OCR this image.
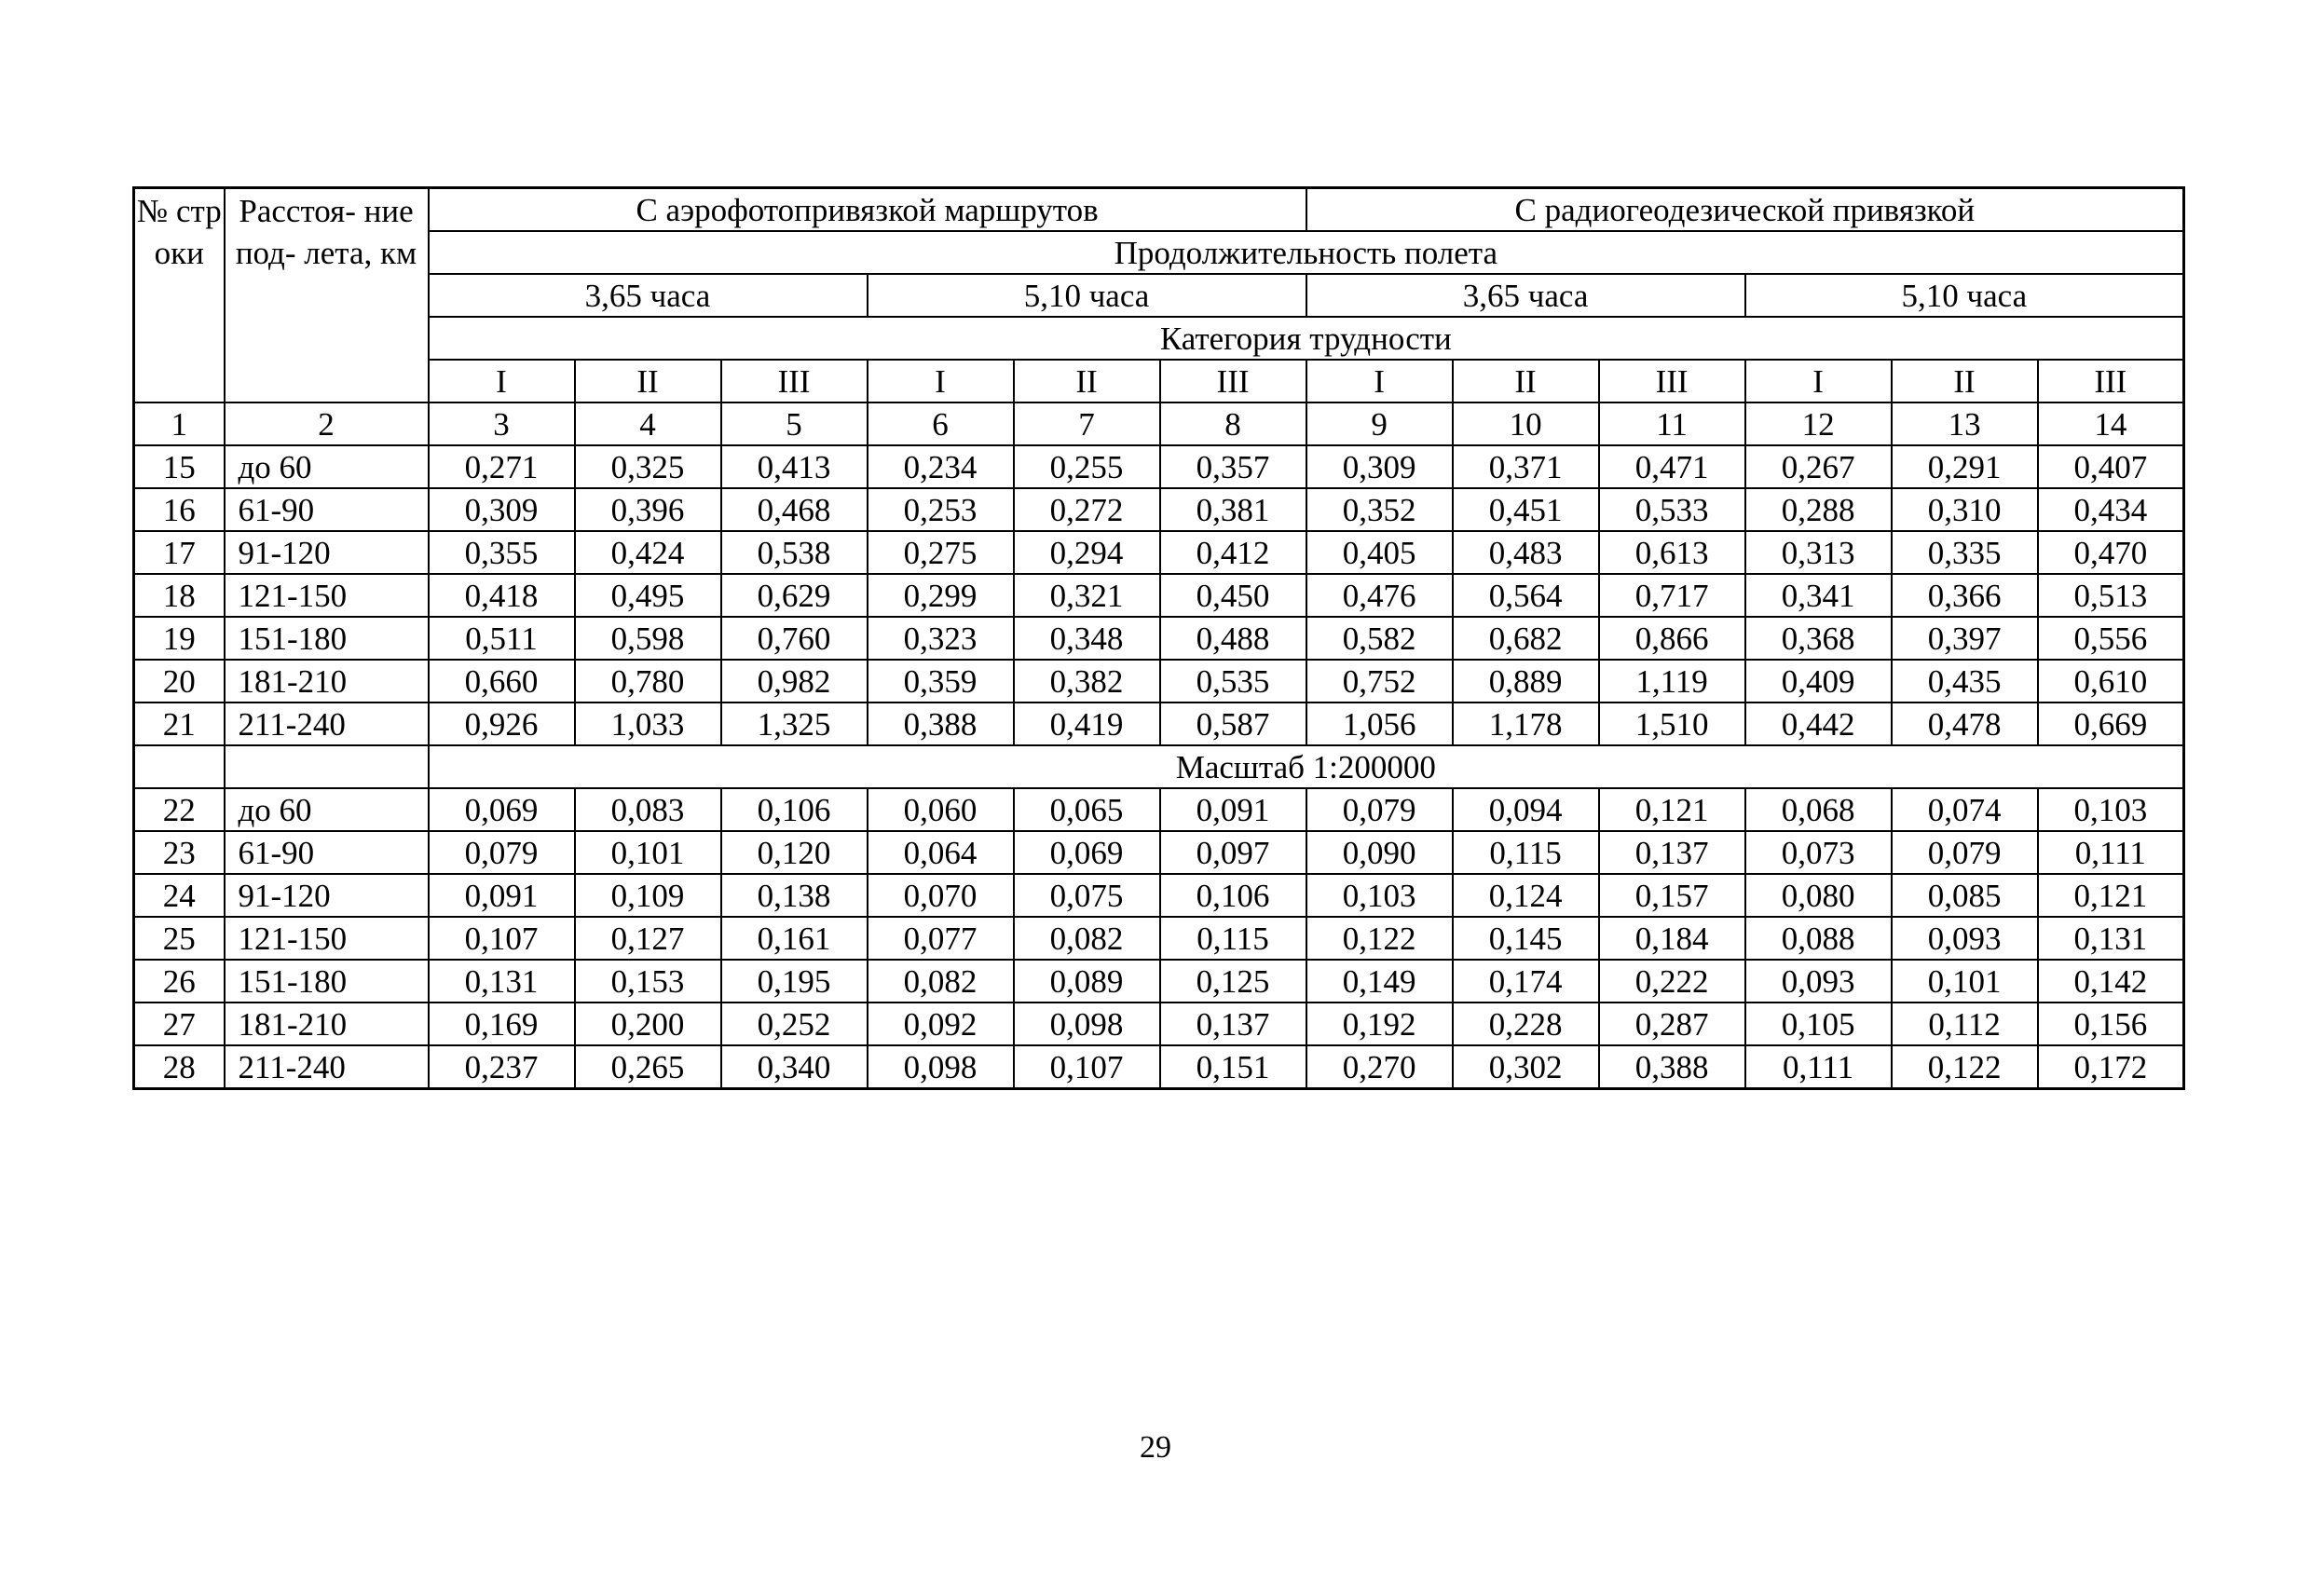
№ стр оки	Расстоя- ние под- лета, км	С аэрофотопривязкой маршрутов						С радиогеодезической привязкой					
		Продолжительность полета											
		3,65 часа			5,10 часа			3,65 часа			5,10 часа		
		Категория трудности											
		I	II	III	I	II	III	I	II	III	I	II	III
1	2	3	4	5	6	7	8	9	10	11	12	13	14
15	до 60	0,271	0,325	0,413	0,234	0,255	0,357	0,309	0,371	0,471	0,267	0,291	0,407
16	61-90	0,309	0,396	0,468	0,253	0,272	0,381	0,352	0,451	0,533	0,288	0,310	0,434
17	91-120	0,355	0,424	0,538	0,275	0,294	0,412	0,405	0,483	0,613	0,313	0,335	0,470
18	121-150	0,418	0,495	0,629	0,299	0,321	0,450	0,476	0,564	0,717	0,341	0,366	0,513
19	151-180	0,511	0,598	0,760	0,323	0,348	0,488	0,582	0,682	0,866	0,368	0,397	0,556
20	181-210	0,660	0,780	0,982	0,359	0,382	0,535	0,752	0,889	1,119	0,409	0,435	0,610
21	211-240	0,926	1,033	1,325	0,388	0,419	0,587	1,056	1,178	1,510	0,442	0,478	0,669
		Масштаб 1:200000											
22	до 60	0,069	0,083	0,106	0,060	0,065	0,091	0,079	0,094	0,121	0,068	0,074	0,103
23	61-90	0,079	0,101	0,120	0,064	0,069	0,097	0,090	0,115	0,137	0,073	0,079	0,111
24	91-120	0,091	0,109	0,138	0,070	0,075	0,106	0,103	0,124	0,157	0,080	0,085	0,121
25	121-150	0,107	0,127	0,161	0,077	0,082	0,115	0,122	0,145	0,184	0,088	0,093	0,131
26	151-180	0,131	0,153	0,195	0,082	0,089	0,125	0,149	0,174	0,222	0,093	0,101	0,142
27	181-210	0,169	0,200	0,252	0,092	0,098	0,137	0,192	0,228	0,287	0,105	0,112	0,156
28	211-240	0,237	0,265	0,340	0,098	0,107	0,151	0,270	0,302	0,388	0,111	0,122	0,172
29
